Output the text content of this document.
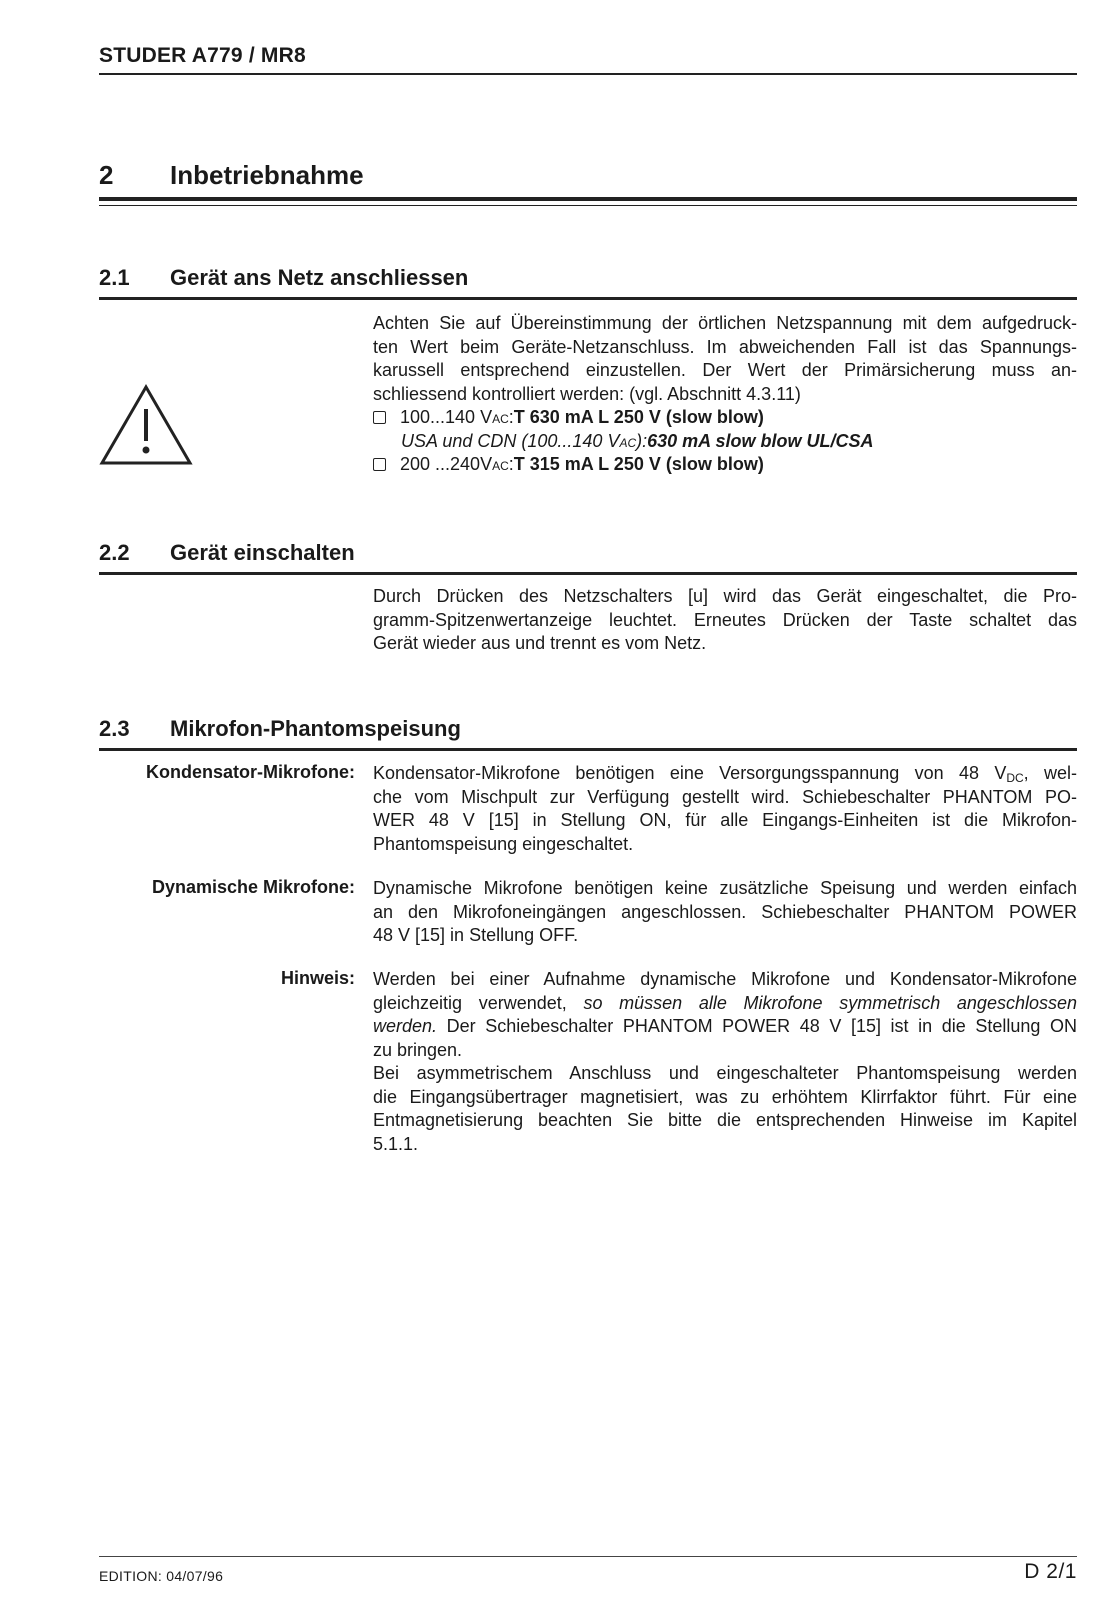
STUDER A779 / MR8
2 Inbetriebnahme
2.1 Gerät ans Netz anschliessen
Achten Sie auf Übereinstimmung der örtlichen Netzspannung mit dem aufgedruck-
ten Wert beim Geräte-Netzanschluss. Im abweichenden Fall ist das Spannungs-
karussell entsprechend einzustellen. Der Wert der Primärsicherung muss an-
schliessend kontrolliert werden: (vgl. Abschnitt 4.3.11)
100...140 V AC : T 630 mA L 250 V (slow blow)
USA und CDN (100...140 V AC ): 630 mA slow blow UL/CSA
200 ...240V AC : T 315 mA L 250 V (slow blow)
2.2 Gerät einschalten
Durch Drücken des Netzschalters [u] wird das Gerät eingeschaltet, die Pro-
gramm-Spitzenwertanzeige leuchtet. Erneutes Drücken der Taste schaltet das
Gerät wieder aus und trennt es vom Netz.
2.3 Mikrofon-Phantomspeisung
Kondensator-Mikrofone: Kondensator-Mikrofone benötigen eine Versorgungsspannung von 48 $V_{DC}$, wel-
che vom Mischpult zur Verfügung gestellt wird. Schiebeschalter PHANTOM PO-
WER 48 V [15] in Stellung ON, für alle Eingangs-Einheiten ist die Mikrofon-
Phantomspeisung eingeschaltet.
Dynamische Mikrofone: Dynamische Mikrofone benötigen keine zusätzliche Speisung und werden einfach
an den Mikrofoneingängen angeschlossen. Schiebeschalter PHANTOM POWER
48 V [15] in Stellung OFF.
Hinweis: Werden bei einer Aufnahme dynamische Mikrofone und Kondensator-Mikrofone
gleichzeitig verwendet, so müssen alle Mikrofone symmetrisch angeschlossen
werden. Der Schiebeschalter PHANTOM POWER 48 V [15] ist in die Stellung ON
zu bringen.
Bei asymmetrischem Anschluss und eingeschalteter Phantomspeisung werden
die Eingangsübertrager magnetisiert, was zu erhöhtem Klirrfaktor führt. Für eine
Entmagnetisierung beachten Sie bitte die entsprechenden Hinweise im Kapitel
5.1.1.
EDITION: 04/07/96	D 2/1
